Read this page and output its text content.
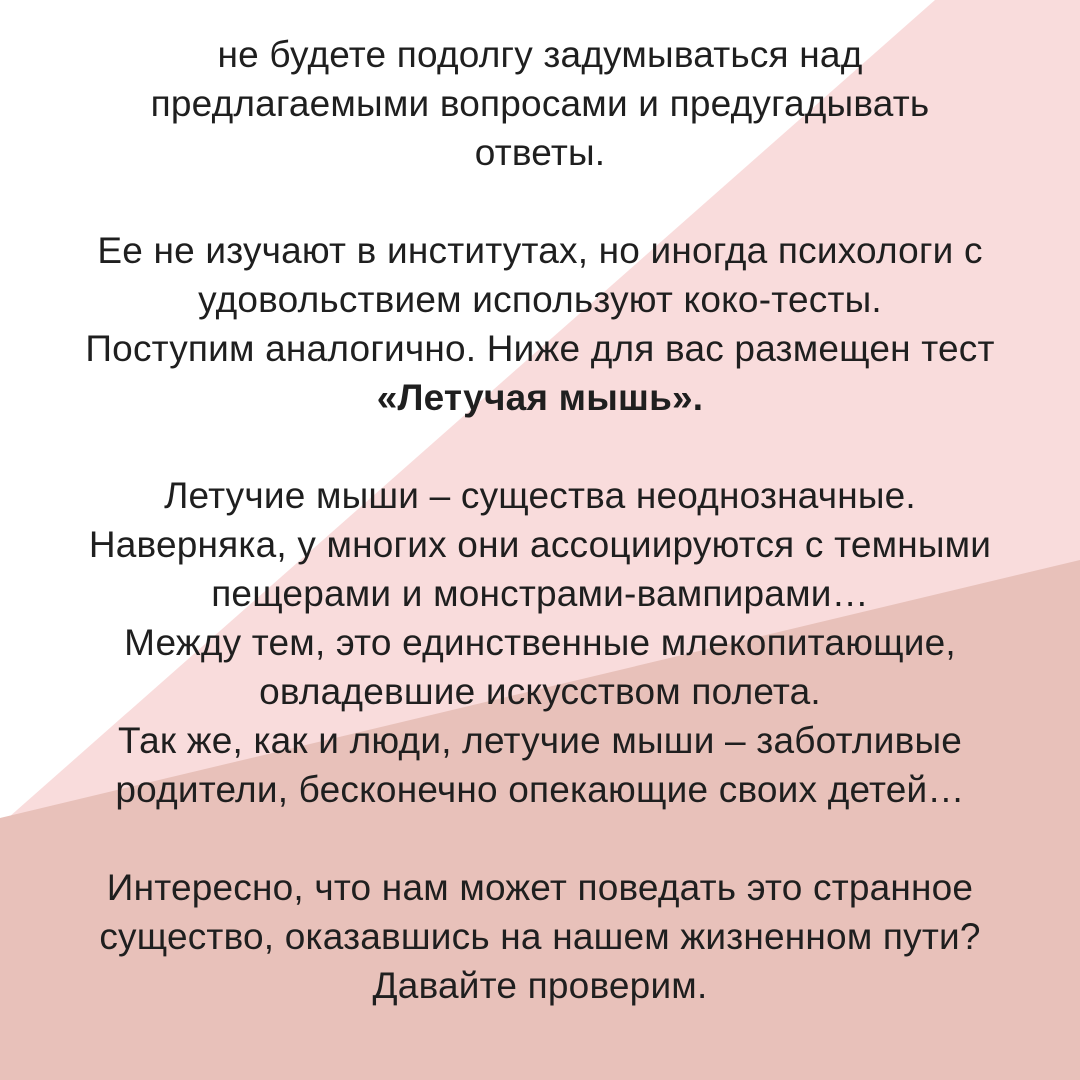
не будете подолгу задумываться над
предлагаемыми вопросами и предугадывать
ответы.
Ее не изучают в институтах, но иногда психологи с
удовольствием используют коко-тесты.
Поступим аналогично. Ниже для вас размещен тест
«Летучая мышь».
Летучие мыши – существа неоднозначные.
Наверняка, у многих они ассоциируются с темными
пещерами и монстрами-вампирами…
Между тем, это единственные млекопитающие,
овладевшие искусством полета.
Так же, как и люди, летучие мыши – заботливые
родители, бесконечно опекающие своих детей…
Интересно, что нам может поведать это странное
существо, оказавшись на нашем жизненном пути?
Давайте проверим.
